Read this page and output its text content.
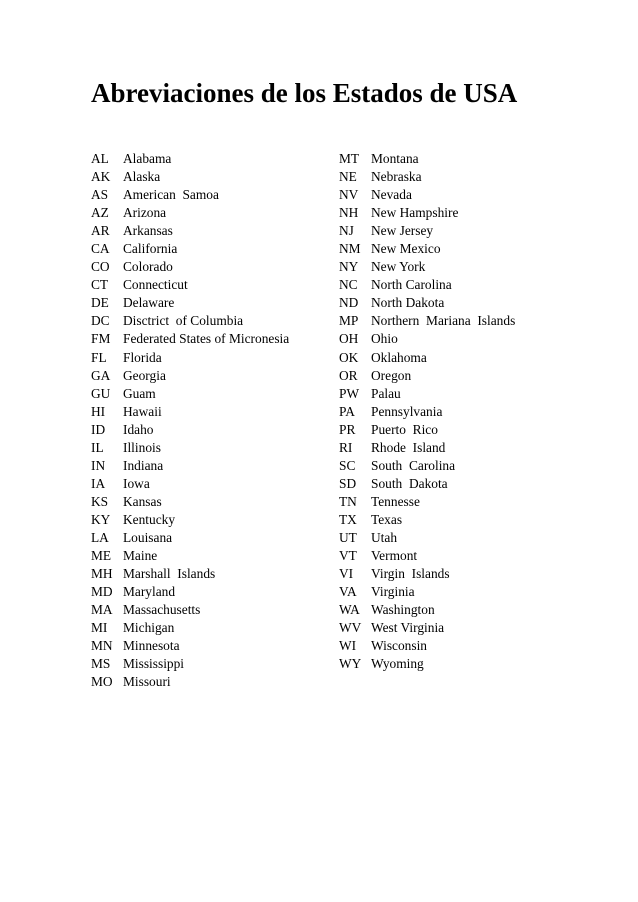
Abreviaciones de los Estados de USA
AL Alabama
AK Alaska
AS American  Samoa
AZ Arizona
AR Arkansas
CA California
CO Colorado
CT Connecticut
DE Delaware
DC Disctrict  of Columbia
FM Federated States of Micronesia
FL Florida
GA Georgia
GU Guam
HI Hawaii
ID Idaho
IL Illinois
IN Indiana
IA Iowa
KS Kansas
KY Kentucky
LA Louisana
ME Maine
MH Marshall  Islands
MD Maryland
MA Massachusetts
MI Michigan
MN Minnesota
MS Mississippi
MO Missouri
MT Montana
NE Nebraska
NV Nevada
NH New Hampshire
NJ New Jersey
NM New Mexico
NY New York
NC North Carolina
ND North Dakota
MP Northern  Mariana  Islands
OH Ohio
OK Oklahoma
OR Oregon
PW Palau
PA Pennsylvania
PR Puerto  Rico
RI Rhode  Island
SC South  Carolina
SD South  Dakota
TN Tennesse
TX Texas
UT Utah
VT Vermont
VI Virgin  Islands
VA Virginia
WA Washington
WV West Virginia
WI Wisconsin
WY Wyoming
